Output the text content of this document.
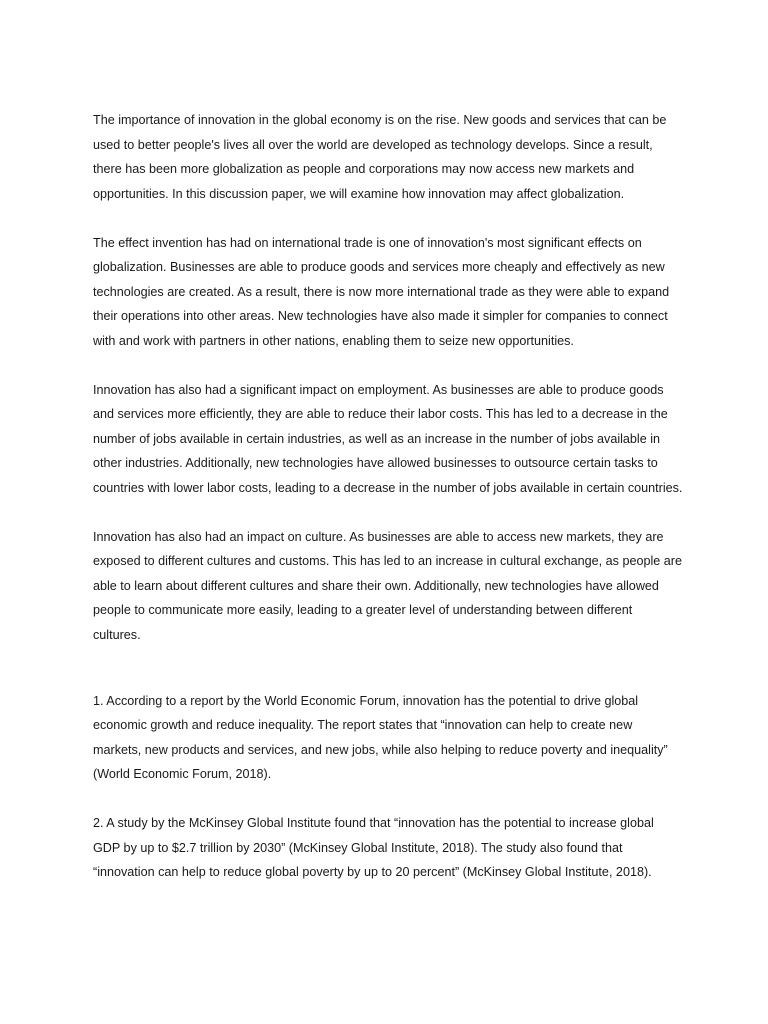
The importance of innovation in the global economy is on the rise. New goods and services that can be used to better people's lives all over the world are developed as technology develops. Since a result, there has been more globalization as people and corporations may now access new markets and opportunities. In this discussion paper, we will examine how innovation may affect globalization.

The effect invention has had on international trade is one of innovation's most significant effects on globalization. Businesses are able to produce goods and services more cheaply and effectively as new technologies are created. As a result, there is now more international trade as they were able to expand their operations into other areas. New technologies have also made it simpler for companies to connect with and work with partners in other nations, enabling them to seize new opportunities.

Innovation has also had a significant impact on employment. As businesses are able to produce goods and services more efficiently, they are able to reduce their labor costs. This has led to a decrease in the number of jobs available in certain industries, as well as an increase in the number of jobs available in other industries. Additionally, new technologies have allowed businesses to outsource certain tasks to countries with lower labor costs, leading to a decrease in the number of jobs available in certain countries.

Innovation has also had an impact on culture. As businesses are able to access new markets, they are exposed to different cultures and customs. This has led to an increase in cultural exchange, as people are able to learn about different cultures and share their own. Additionally, new technologies have allowed people to communicate more easily, leading to a greater level of understanding between different cultures.

1. According to a report by the World Economic Forum, innovation has the potential to drive global economic growth and reduce inequality. The report states that “innovation can help to create new markets, new products and services, and new jobs, while also helping to reduce poverty and inequality” (World Economic Forum, 2018).

2. A study by the McKinsey Global Institute found that “innovation has the potential to increase global GDP by up to $2.7 trillion by 2030” (McKinsey Global Institute, 2018). The study also found that “innovation can help to reduce global poverty by up to 20 percent” (McKinsey Global Institute, 2018).
